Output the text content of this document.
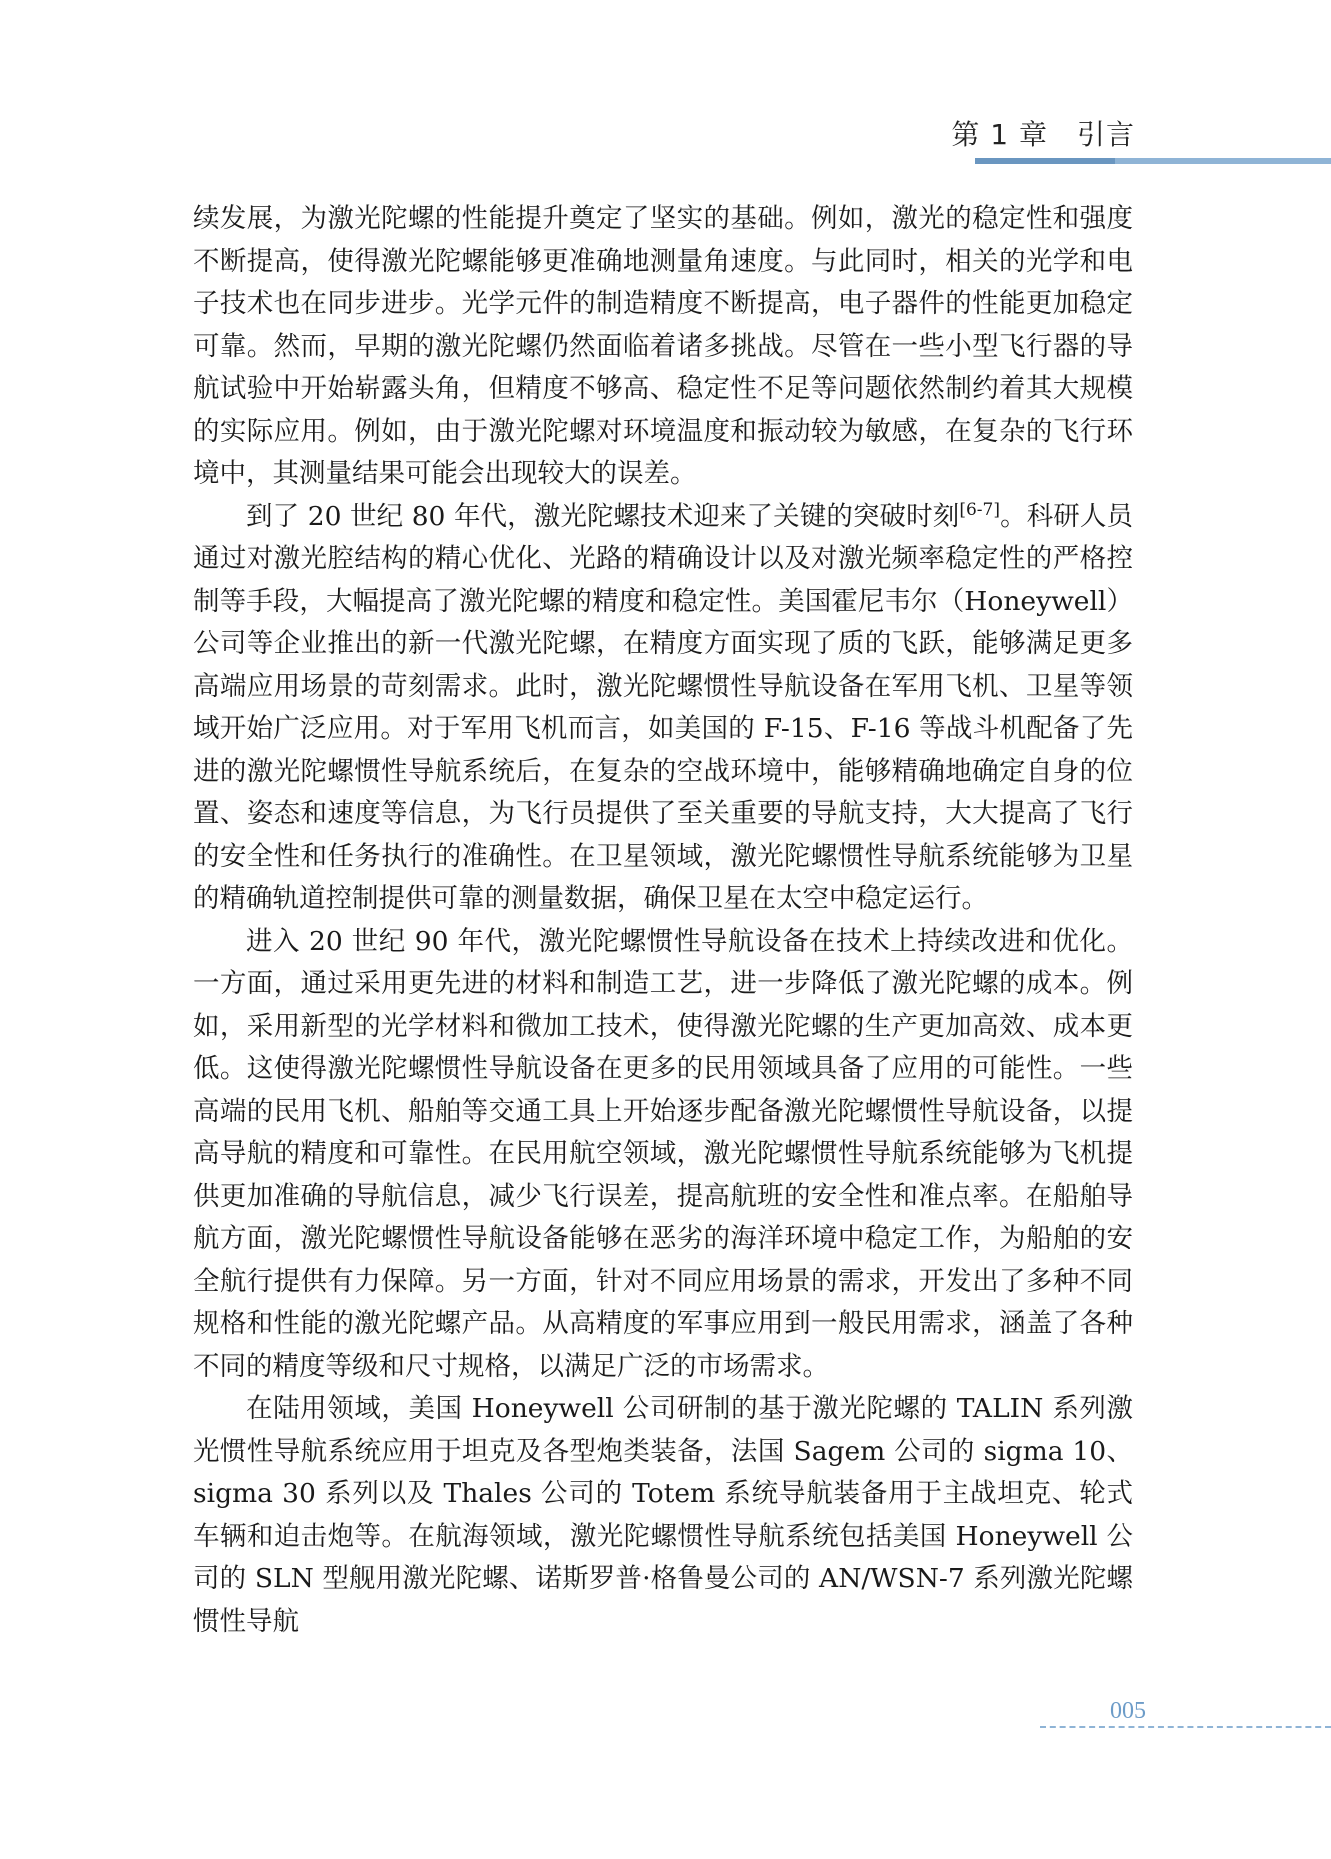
第 1 章　引言

续发展，为激光陀螺的性能提升奠定了坚实的基础。例如，激光的稳定性和强度不断提高，使得激光陀螺能够更准确地测量角速度。与此同时，相关的光学和电子技术也在同步进步。光学元件的制造精度不断提高，电子器件的性能更加稳定可靠。然而，早期的激光陀螺仍然面临着诸多挑战。尽管在一些小型飞行器的导航试验中开始崭露头角，但精度不够高、稳定性不足等问题依然制约着其大规模的实际应用。例如，由于激光陀螺对环境温度和振动较为敏感，在复杂的飞行环境中，其测量结果可能会出现较大的误差。

到了 20 世纪 80 年代，激光陀螺技术迎来了关键的突破时刻[6-7]。科研人员通过对激光腔结构的精心优化、光路的精确设计以及对激光频率稳定性的严格控制等手段，大幅提高了激光陀螺的精度和稳定性。美国霍尼韦尔（Honeywell）公司等企业推出的新一代激光陀螺，在精度方面实现了质的飞跃，能够满足更多高端应用场景的苛刻需求。此时，激光陀螺惯性导航设备在军用飞机、卫星等领域开始广泛应用。对于军用飞机而言，如美国的 F-15、F-16 等战斗机配备了先进的激光陀螺惯性导航系统后，在复杂的空战环境中，能够精确地确定自身的位置、姿态和速度等信息，为飞行员提供了至关重要的导航支持，大大提高了飞行的安全性和任务执行的准确性。在卫星领域，激光陀螺惯性导航系统能够为卫星的精确轨道控制提供可靠的测量数据，确保卫星在太空中稳定运行。

进入 20 世纪 90 年代，激光陀螺惯性导航设备在技术上持续改进和优化。一方面，通过采用更先进的材料和制造工艺，进一步降低了激光陀螺的成本。例如，采用新型的光学材料和微加工技术，使得激光陀螺的生产更加高效、成本更低。这使得激光陀螺惯性导航设备在更多的民用领域具备了应用的可能性。一些高端的民用飞机、船舶等交通工具上开始逐步配备激光陀螺惯性导航设备，以提高导航的精度和可靠性。在民用航空领域，激光陀螺惯性导航系统能够为飞机提供更加准确的导航信息，减少飞行误差，提高航班的安全性和准点率。在船舶导航方面，激光陀螺惯性导航设备能够在恶劣的海洋环境中稳定工作，为船舶的安全航行提供有力保障。另一方面，针对不同应用场景的需求，开发出了多种不同规格和性能的激光陀螺产品。从高精度的军事应用到一般民用需求，涵盖了各种不同的精度等级和尺寸规格，以满足广泛的市场需求。

在陆用领域，美国 Honeywell 公司研制的基于激光陀螺的 TALIN 系列激光惯性导航系统应用于坦克及各型炮类装备，法国 Sagem 公司的 sigma 10、sigma 30 系列以及 Thales 公司的 Totem 系统导航装备用于主战坦克、轮式车辆和迫击炮等。在航海领域，激光陀螺惯性导航系统包括美国 Honeywell 公司的 SLN 型舰用激光陀螺、诺斯罗普·格鲁曼公司的 AN/WSN-7 系列激光陀螺惯性导航

005
